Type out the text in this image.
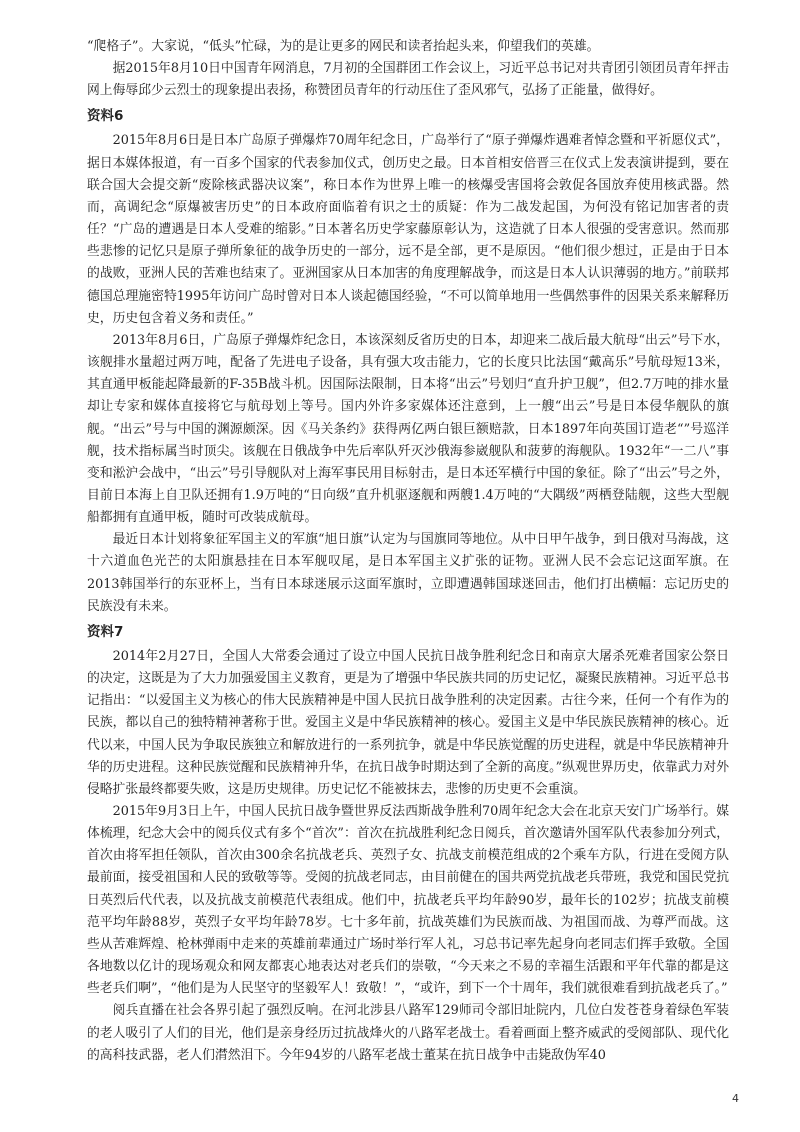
“爬格子”。大家说，“低头”忙碌，为的是让更多的网民和读者抬起头来，仰望我们的英雄。

据2015年8月10日中国青年网消息，7月初的全国群团工作会议上，习近平总书记对共青团引领团员青年抨击网上侮辱邱少云烈士的现象提出表扬，称赞团员青年的行动压住了歪风邪气，弘扬了正能量，做得好。

资料6

2015年8月6日是日本广岛原子弹爆炸70周年纪念日，广岛举行了“原子弹爆炸遇难者悼念暨和平祈愿仪式”，据日本媒体报道，有一百多个国家的代表参加仪式，创历史之最。日本首相安倍晋三在仪式上发表演讲提到，要在联合国大会提交新“废除核武器决议案”，称日本作为世界上唯一的核爆受害国将会敦促各国放弃使用核武器。然而，高调纪念“原爆被害历史”的日本政府面临着有识之士的质疑：作为二战发起国，为何没有铭记加害者的责任？“广岛的遭遇是日本人受难的缩影。”日本著名历史学家藤原彰认为，这造就了日本人很强的受害意识。然而那些悲惨的记忆只是原子弹所象征的战争历史的一部分，远不是全部，更不是原因。“他们很少想过，正是由于日本的战败，亚洲人民的苦难也结束了。亚洲国家从日本加害的角度理解战争，而这是日本人认识薄弱的地方。”前联邦德国总理施密特1995年访问广岛时曾对日本人谈起德国经验，“不可以简单地用一些偶然事件的因果关系来解释历史，历史包含着义务和责任。”

2013年8月6日，广岛原子弹爆炸纪念日，本该深刻反省历史的日本，却迎来二战后最大航母“出云”号下水，该舰排水量超过两万吨，配备了先进电子设备，具有强大攻击能力，它的长度只比法国“戴高乐”号航母短13米，其直通甲板能起降最新的F-35B战斗机。因国际法限制，日本将“出云”号划归“直升护卫舰”，但2.7万吨的排水量却让专家和媒体直接将它与航母划上等号。国内外许多家媒体还注意到，上一艘“出云”号是日本侵华舰队的旗舰。“出云”号与中国的渊源颇深。因《马关条约》获得两亿两白银巨额赔款，日本1897年向英国订造老“”号巡洋舰，技术指标属当时顶尖。该舰在日俄战争中先后率队歼灭沙俄海参崴舰队和菠萝的海舰队。1932年“一二八”事变和淞沪会战中，“出云”号引导舰队对上海军事民用目标射击，是日本还军横行中国的象征。除了“出云”号之外，目前日本海上自卫队还拥有1.9万吨的“日向级”直升机驱逐舰和两艘1.4万吨的“大隅级”两栖登陆舰，这些大型舰船都拥有直通甲板，随时可改装成航母。

最近日本计划将象征军国主义的军旗“旭日旗”认定为与国旗同等地位。从中日甲午战争，到日俄对马海战，这十六道血色光芒的太阳旗悬挂在日本军舰叹尾，是日本军国主义扩张的证物。亚洲人民不会忘记这面军旗。在2013韩国举行的东亚杯上，当有日本球迷展示这面军旗时，立即遭遇韩国球迷回击，他们打出横幅：忘记历史的民族没有未来。

资料7

2014年2月27日，全国人大常委会通过了设立中国人民抗日战争胜利纪念日和南京大屠杀死难者国家公祭日的决定，这既是为了大力加强爱国主义教育，更是为了增强中华民族共同的历史记忆，凝聚民族精神。习近平总书记指出：“以爱国主义为核心的伟大民族精神是中国人民抗日战争胜利的决定因素。古往今来，任何一个有作为的民族，都以自己的独特精神著称于世。爱国主义是中华民族精神的核心。爱国主义是中华民族民族精神的核心。近代以来，中国人民为争取民族独立和解放进行的一系列抗争，就是中华民族觉醒的历史进程，就是中华民族精神升华的历史进程。这种民族觉醒和民族精神升华，在抗日战争时期达到了全新的高度。”纵观世界历史，依靠武力对外侵略扩张最终都要失败，这是历史规律。历史记忆不能被抹去，悲惨的历史更不会重演。

2015年9月3日上午，中国人民抗日战争暨世界反法西斯战争胜利70周年纪念大会在北京天安门广场举行。媒体梳理，纪念大会中的阅兵仪式有多个“首次”：首次在抗战胜利纪念日阅兵，首次邀请外国军队代表参加分列式，首次由将军担任领队，首次由300余名抗战老兵、英烈子女、抗战支前模范组成的2个乘车方队，行进在受阅方队最前面，接受祖国和人民的致敬等等。受阅的抗战老同志，由目前健在的国共两党抗战老兵带班，我党和国民党抗日英烈后代代表，以及抗战支前模范代表组成。他们中，抗战老兵平均年龄90岁，最年长的102岁；抗战支前模范平均年龄88岁，英烈子女平均年龄78岁。七十多年前，抗战英雄们为民族而战、为祖国而战、为尊严而战。这些从苦难辉煌、枪林弹雨中走来的英雄前辈通过广场时举行军人礼，习总书记率先起身向老同志们挥手致敬。全国各地数以亿计的现场观众和网友都衷心地表达对老兵们的崇敬，“今天来之不易的幸福生活跟和平年代靠的都是这些老兵们啊”，“他们是为人民坚守的坚毅军人！致敬！”，“或许，到下一个十周年，我们就很难看到抗战老兵了。”

阅兵直播在社会各界引起了强烈反响。在河北涉县八路军129师司令部旧址院内，几位白发苍苍身着绿色军装的老人吸引了人们的目光，他们是亲身经历过抗战烽火的八路军老战士。看着画面上整齐威武的受阅部队、现代化的高科技武器，老人们潸然泪下。今年94岁的八路军老战士董某在抗日战争中击毙敌伪军40

4
